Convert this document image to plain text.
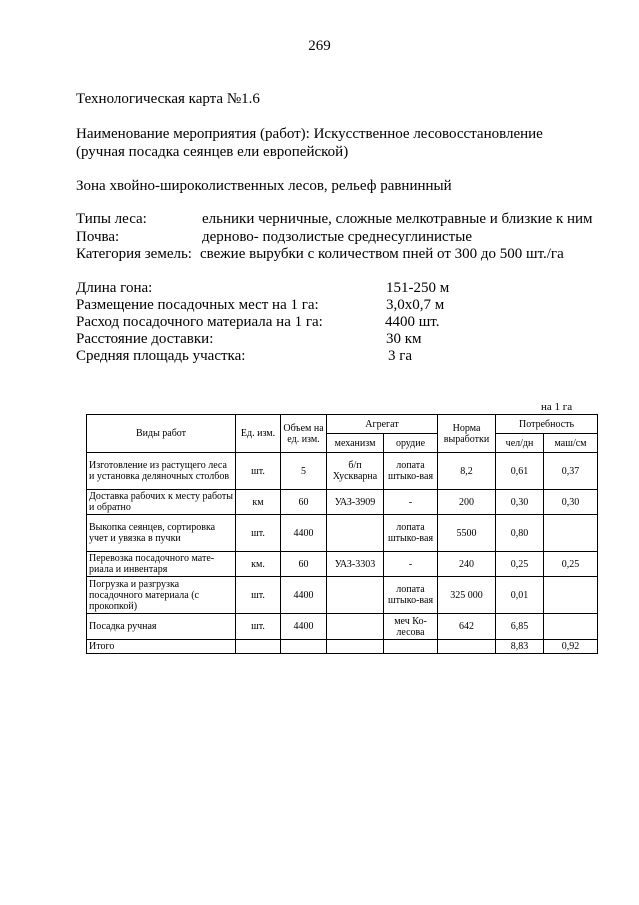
269
Технологическая карта №1.6
Наименование мероприятия (работ): Искусственное лесовосстановление
(ручная посадка сеянцев ели европейской)
Зона хвойно-широколиственных лесов, рельеф равнинный
Типы леса:	ельники черничные, сложные мелкотравные и близкие к ним
Почва:	дерново- подзолистые среднесуглинистые
Категория земель: свежие вырубки с количеством пней от 300 до 500 шт./га
Длина гона:	151-250 м
Размещение посадочных мест на 1 га:	3,0х0,7 м
Расход посадочного материала на 1 га:	4400 шт.
Расстояние доставки:	30 км
Средняя площадь участка:	3 га
на 1 га
Виды работ	Ед. изм.	Объем на ед. изм.	Агрегат		Норма выработки	Потребность	
			механизм	орудие		чел/дн	маш/см
Изготовление из растущего леса и установка деляночных столбов	шт.	5	б/п Хускварна	лопата штыко-вая	8,2	0,61	0,37
Доставка рабочих к месту работы и обратно	км	60	УАЗ-3909	-	200	0,30	0,30
Выкопка сеянцев, сортировка учет и увязка в пучки	шт.	4400		лопата штыко-вая	5500	0,80	
Перевозка посадочного мате-риала и инвентаря	км.	60	УАЗ-3303	-	240	0,25	0,25
Погрузка и разгрузка посадочного материала (с прокопкой)	шт.	4400		лопата штыко-вая	325 000	0,01	
Посадка ручная	шт.	4400		меч Ко-лесова	642	6,85	
Итого						8,83	0,92
